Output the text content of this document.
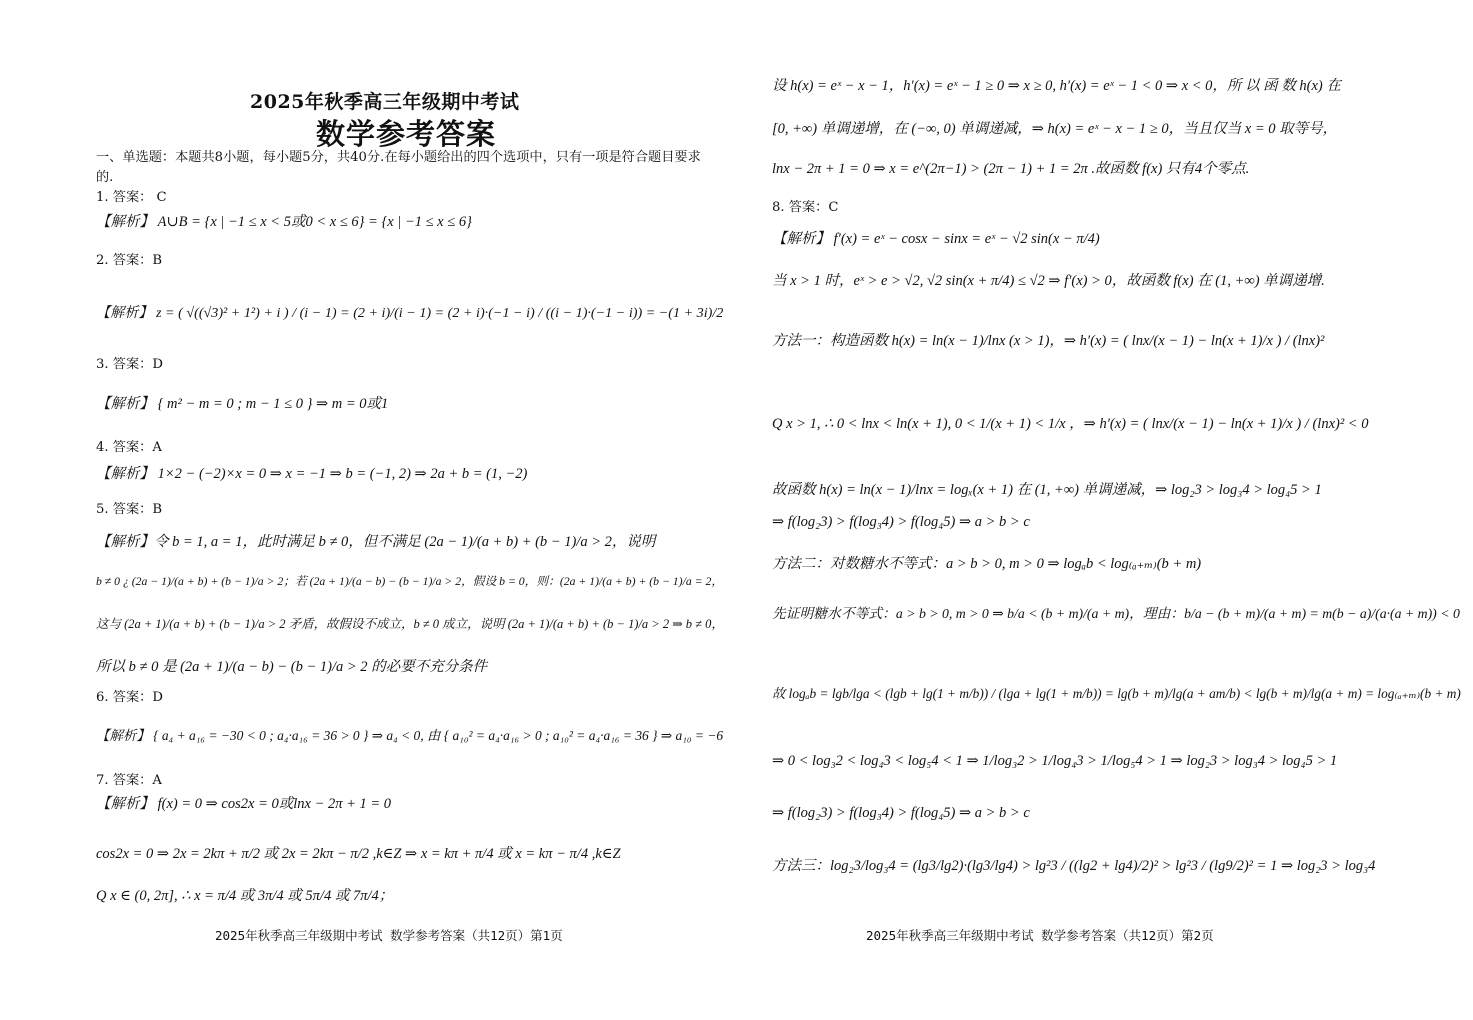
2025年秋季高三年级期中考试
数学参考答案
一、单选题：本题共8小题，每小题5分，共40分.在每小题给出的四个选项中，只有一项是符合题目要求的.
1. 答案： C
【解析】 A∪B = {x | −1 ≤ x < 5或0 < x ≤ 6} = {x | −1 ≤ x ≤ 6}
2. 答案：B
【解析】 z = ( √((√3)² + 1²) + i ) / (i − 1) = (2 + i)/(i − 1) = (2 + i)·(−1 − i) / ((i − 1)·(−1 − i)) = −(1 + 3i)/2
3. 答案：D
【解析】 { m² − m = 0 ; m − 1 ≤ 0 } ⇒ m = 0或1
4. 答案：A
【解析】 1×2 − (−2)×x = 0 ⇒ x = −1 ⇒ b = (−1, 2) ⇒ 2a + b = (1, −2)
5. 答案：B
【解析】令 b = 1, a = 1，此时满足 b ≠ 0，但不满足 (2a − 1)/(a + b) + (b − 1)/a > 2，说明
b ≠ 0 ¿ (2a − 1)/(a + b) + (b − 1)/a > 2；若 (2a + 1)/(a − b) − (b − 1)/a > 2，假设 b = 0，则：(2a + 1)/(a + b) + (b − 1)/a = 2，
这与 (2a + 1)/(a + b) + (b − 1)/a > 2 矛盾，故假设不成立，b ≠ 0 成立，说明 (2a + 1)/(a + b) + (b − 1)/a > 2 ⇒ b ≠ 0，
所以 b ≠ 0 是 (2a + 1)/(a − b) − (b − 1)/a > 2 的必要不充分条件
6. 答案：D
【解析】 { a₄ + a₁₆ = −30 < 0 ; a₄·a₁₆ = 36 > 0 } ⇒ a₄ < 0, 由 { a₁₀² = a₄·a₁₆ > 0 ; a₁₀² = a₄·a₁₆ = 36 } ⇒ a₁₀ = −6
7. 答案：A
【解析】 f(x) = 0 ⇒ cos2x = 0或lnx − 2π + 1 = 0
cos2x = 0 ⇒ 2x = 2kπ + π/2 或 2x = 2kπ − π/2 ,k∈Z ⇒ x = kπ + π/4 或 x = kπ − π/4 ,k∈Z
Q x ∈ (0, 2π], ∴ x = π/4 或 3π/4 或 5π/4 或 7π/4；
2025年秋季高三年级期中考试 数学参考答案（共12页）第1页
设 h(x) = eˣ − x − 1，h′(x) = eˣ − 1 ≥ 0 ⇒ x ≥ 0, h′(x) = eˣ − 1 < 0 ⇒ x < 0，所 以 函 数 h(x) 在
[0, +∞) 单调递增，在 (−∞, 0) 单调递减，⇒ h(x) = eˣ − x − 1 ≥ 0，当且仅当 x = 0 取等号，
lnx − 2π + 1 = 0 ⇒ x = e^(2π−1) > (2π − 1) + 1 = 2π .故函数 f(x) 只有4个零点.
8. 答案：C
【解析】 f′(x) = eˣ − cosx − sinx = eˣ − √2 sin(x − π/4)
当 x > 1 时，eˣ > e > √2, √2 sin(x + π/4) ≤ √2 ⇒ f′(x) > 0，故函数 f(x) 在 (1, +∞) 单调递增.
方法一：构造函数 h(x) = ln(x − 1)/lnx (x > 1)，⇒ h′(x) = ( lnx/(x − 1) − ln(x + 1)/x ) / (lnx)²
Q x > 1, ∴ 0 < lnx < ln(x + 1), 0 < 1/(x + 1) < 1/x ，⇒ h′(x) = ( lnx/(x − 1) − ln(x + 1)/x ) / (lnx)² < 0
故函数 h(x) = ln(x − 1)/lnx = logₓ(x + 1) 在 (1, +∞) 单调递减，⇒ log₂3 > log₃4 > log₄5 > 1
⇒ f(log₂3) > f(log₃4) > f(log₄5) ⇒ a > b > c
方法二：对数糖水不等式：a > b > 0, m > 0 ⇒ logₐb < log₍ₐ₊ₘ₎(b + m)
先证明糖水不等式：a > b > 0, m > 0 ⇒ b/a < (b + m)/(a + m)，理由：b/a − (b + m)/(a + m) = m(b − a)/(a·(a + m)) < 0
故 logₐb = lgb/lga < (lgb + lg(1 + m/b)) / (lga + lg(1 + m/b)) = lg(b + m)/lg(a + am/b) < lg(b + m)/lg(a + m) = log₍ₐ₊ₘ₎(b + m)
⇒ 0 < log₃2 < log₄3 < log₅4 < 1 ⇒ 1/log₃2 > 1/log₄3 > 1/log₅4 > 1 ⇒ log₂3 > log₃4 > log₄5 > 1
⇒ f(log₂3) > f(log₃4) > f(log₄5) ⇒ a > b > c
方法三：log₂3/log₃4 = (lg3/lg2)·(lg3/lg4) > lg²3 / ((lg2 + lg4)/2)² > lg²3 / (lg9/2)² = 1 ⇒ log₂3 > log₃4
2025年秋季高三年级期中考试 数学参考答案（共12页）第2页
